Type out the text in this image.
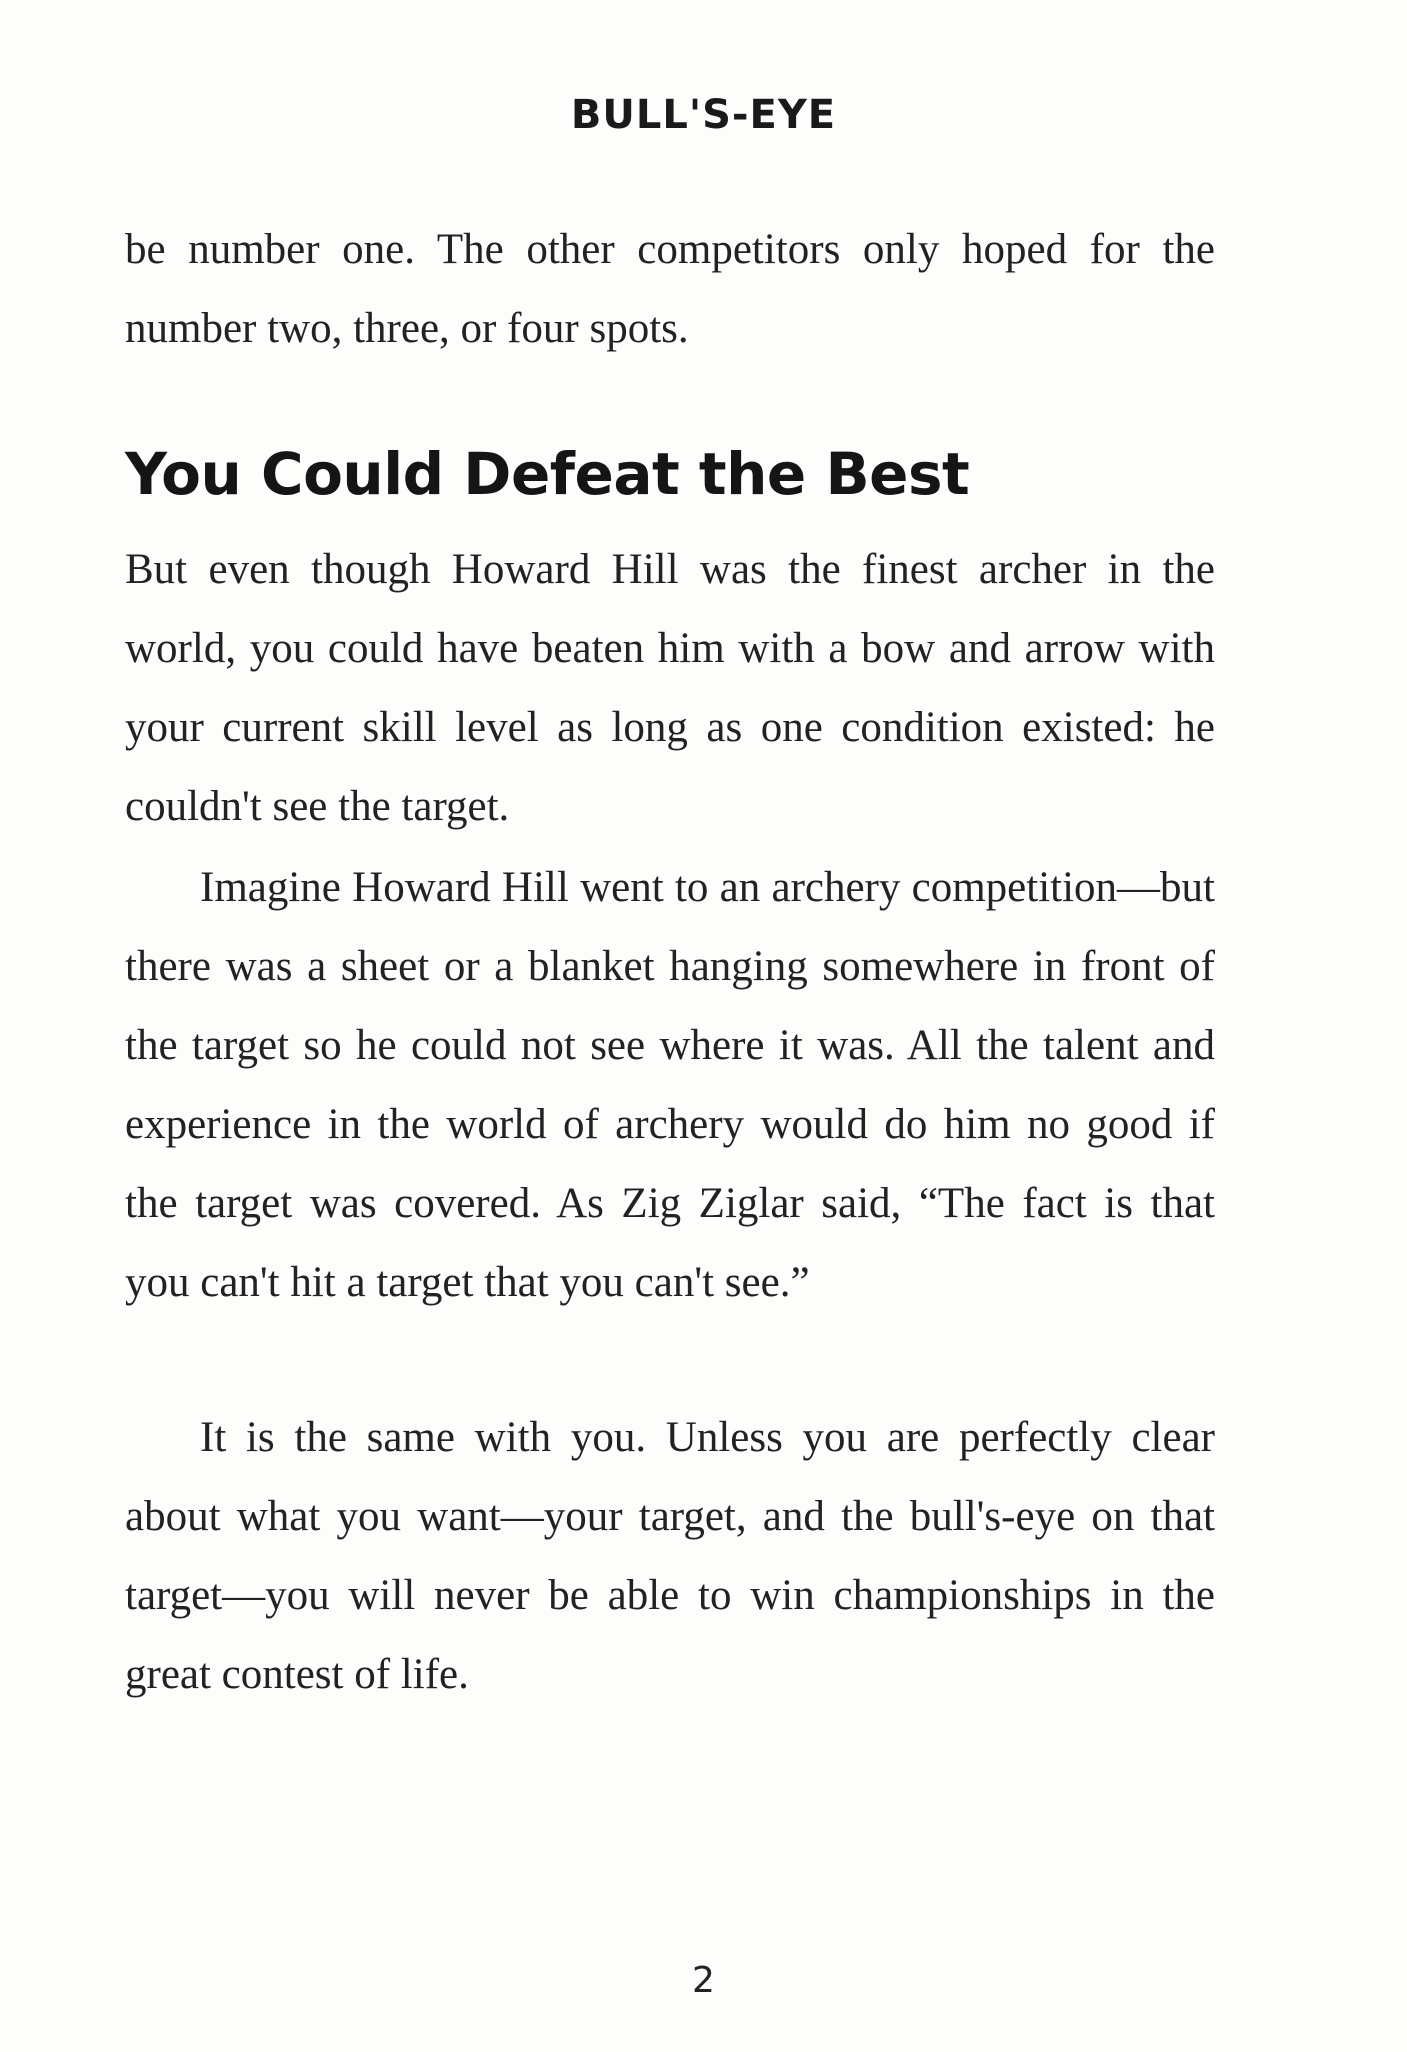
BULL'S-EYE

be number one. The other competitors only hoped for the number two, three, or four spots.

You Could Defeat the Best

But even though Howard Hill was the finest archer in the world, you could have beaten him with a bow and arrow with your current skill level as long as one condition existed: he couldn't see the target.

Imagine Howard Hill went to an archery competition—but there was a sheet or a blanket hanging somewhere in front of the target so he could not see where it was. All the talent and experience in the world of archery would do him no good if the target was covered. As Zig Ziglar said, “The fact is that you can't hit a target that you can't see.”

It is the same with you. Unless you are perfectly clear about what you want—your target, and the bull's-eye on that target—you will never be able to win championships in the great contest of life.

2
